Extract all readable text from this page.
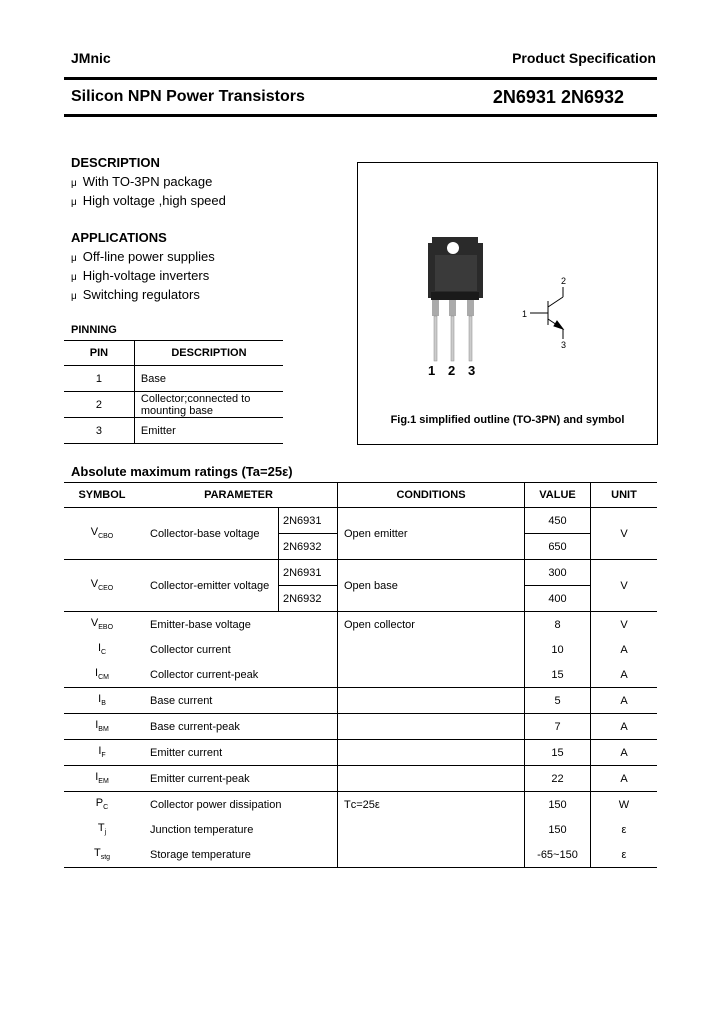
JMnic	Product Specification
Silicon NPN Power Transistors	2N6931 2N6932
DESCRIPTION
μ With TO-3PN package
μ High voltage ,high speed
APPLICATIONS
μ Off-line power supplies
μ High-voltage inverters
μ Switching regulators
PINNING
PIN	DESCRIPTION
1	Base
2	Collector;connected to mounting base
3	Emitter
1 2 3
1
2
3
Fig.1 simplified outline (TO-3PN) and symbol
Absolute maximum ratings (Ta=25ε)
SYMBOL	PARAMETER		CONDITIONS	VALUE	UNIT
$V_{CBO}$	Collector-base voltage	2N6931	Open emitter	450	V
		2N6932		650	
$V_{CEO}$	Collector-emitter voltage	2N6931	Open base	300	V
		2N6932		400	
$V_{EBO}$	Emitter-base voltage		Open collector	8	V
$I_C$	Collector current			10	A
$I_{CM}$	Collector current-peak			15	A
$I_B$	Base current			5	A
$I_{BM}$	Base current-peak			7	A
$I_F$	Emitter current			15	A
$I_{EM}$	Emitter current-peak			22	A
$P_C$	Collector power dissipation		Tᴄ=25ε	150	W
$T_j$	Junction temperature			150	ε
$T_{stg}$	Storage temperature			-65~150	ε
